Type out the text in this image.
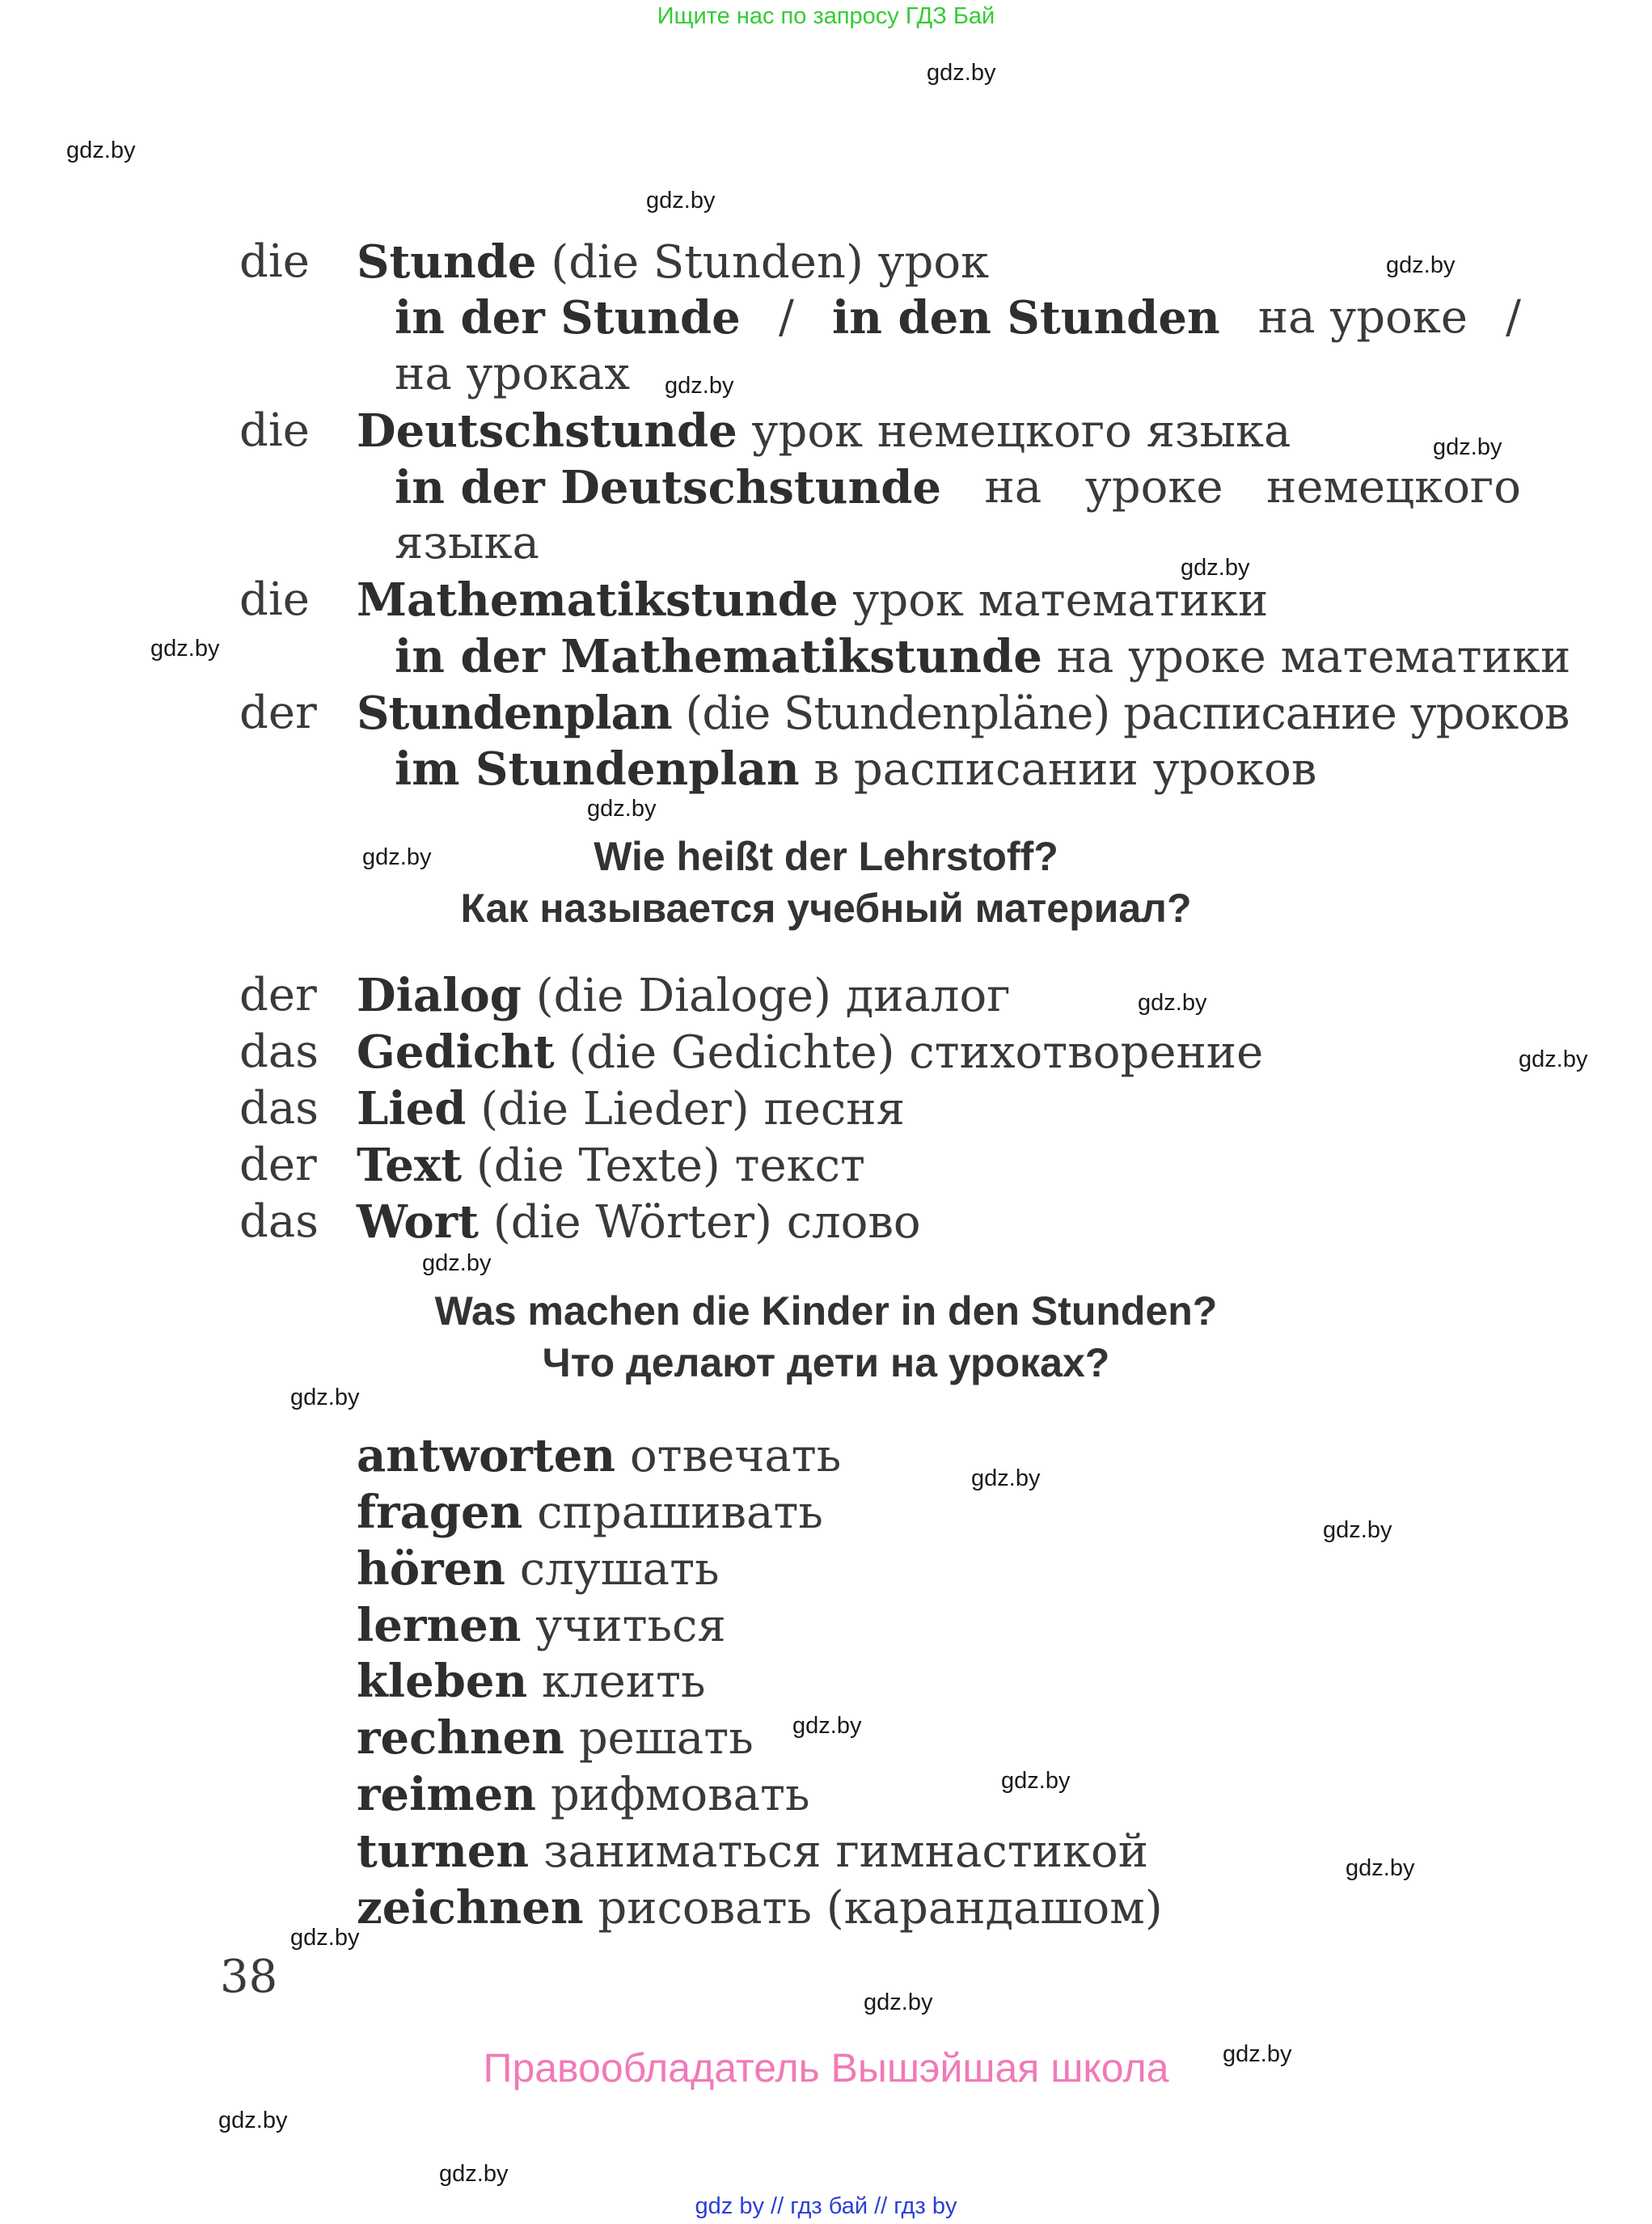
Ищите нас по запросу ГДЗ Бай
die Stunde (die Stunden) урок
in der Stunde / in den Stunden на уроке /
на уроках
die Deutschstunde урок немецкого языка
in der Deutschstunde на уроке немецкого
языка
die Mathematikstunde урок математики
in der Mathematikstunde на уроке математики
der Stundenplan (die Stundenpläne) расписание уроков
im Stundenplan в расписании уроков
Wie heißt der Lehrstoff?
Как называется учебный материал?
der Dialog (die Dialoge) диалог
das Gedicht (die Gedichte) стихотворение
das Lied (die Lieder) песня
der Text (die Texte) текст
das Wort (die Wörter) слово
Was machen die Kinder in den Stunden?
Что делают дети на уроках?
antworten отвечать
fragen спрашивать
hören слушать
lernen учиться
kleben клеить
rechnen решать
reimen рифмовать
turnen заниматься гимнастикой
zeichnen рисовать (карандашом)
38
Правообладатель Вышэйшая школа
gdz by // гдз бай // гдз by
gdz.by
gdz.by
gdz.by
gdz.by
gdz.by
gdz.by
gdz.by
gdz.by
gdz.by
gdz.by
gdz.by
gdz.by
gdz.by
gdz.by
gdz.by
gdz.by
gdz.by
gdz.by
gdz.by
gdz.by
gdz.by
gdz.by
gdz.by
gdz.by
